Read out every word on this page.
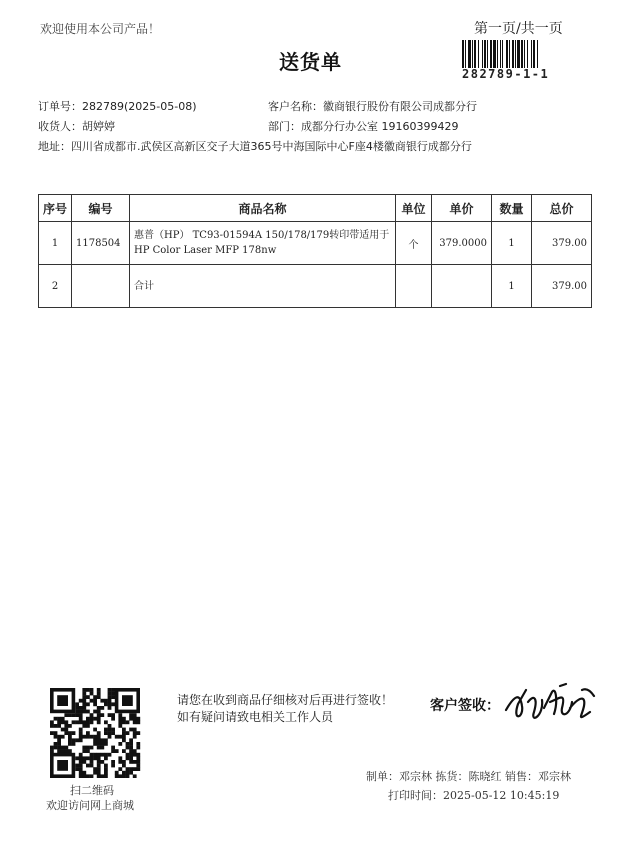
欢迎使用本公司产品！	第一页/共一页
282789-1-1
送货单
订单号：282789(2025-05-08)	客户名称：徽商银行股份有限公司成都分行
收货人：胡婷婷	部门：成都分行办公室 19160399429
地址：四川省成都市.武侯区高新区交子大道365号中海国际中心F座4楼徽商银行成都分行
序号	编号	商品名称	单位	单价	数量	总价
1	1178504	惠普（HP） TC93-01594A 150/178/179转印带适用于HP Color Laser MFP 178nw	个	379.0000	1	379.00
2		合计			1	379.00
扫二维码
欢迎访问网上商城
请您在收到商品仔细核对后再进行签收！如有疑问请致电相关工作人员
客户签收：
制单：邓宗林 拣货：陈晓红 销售：邓宗林
打印时间：2025-05-12 10:45:19
